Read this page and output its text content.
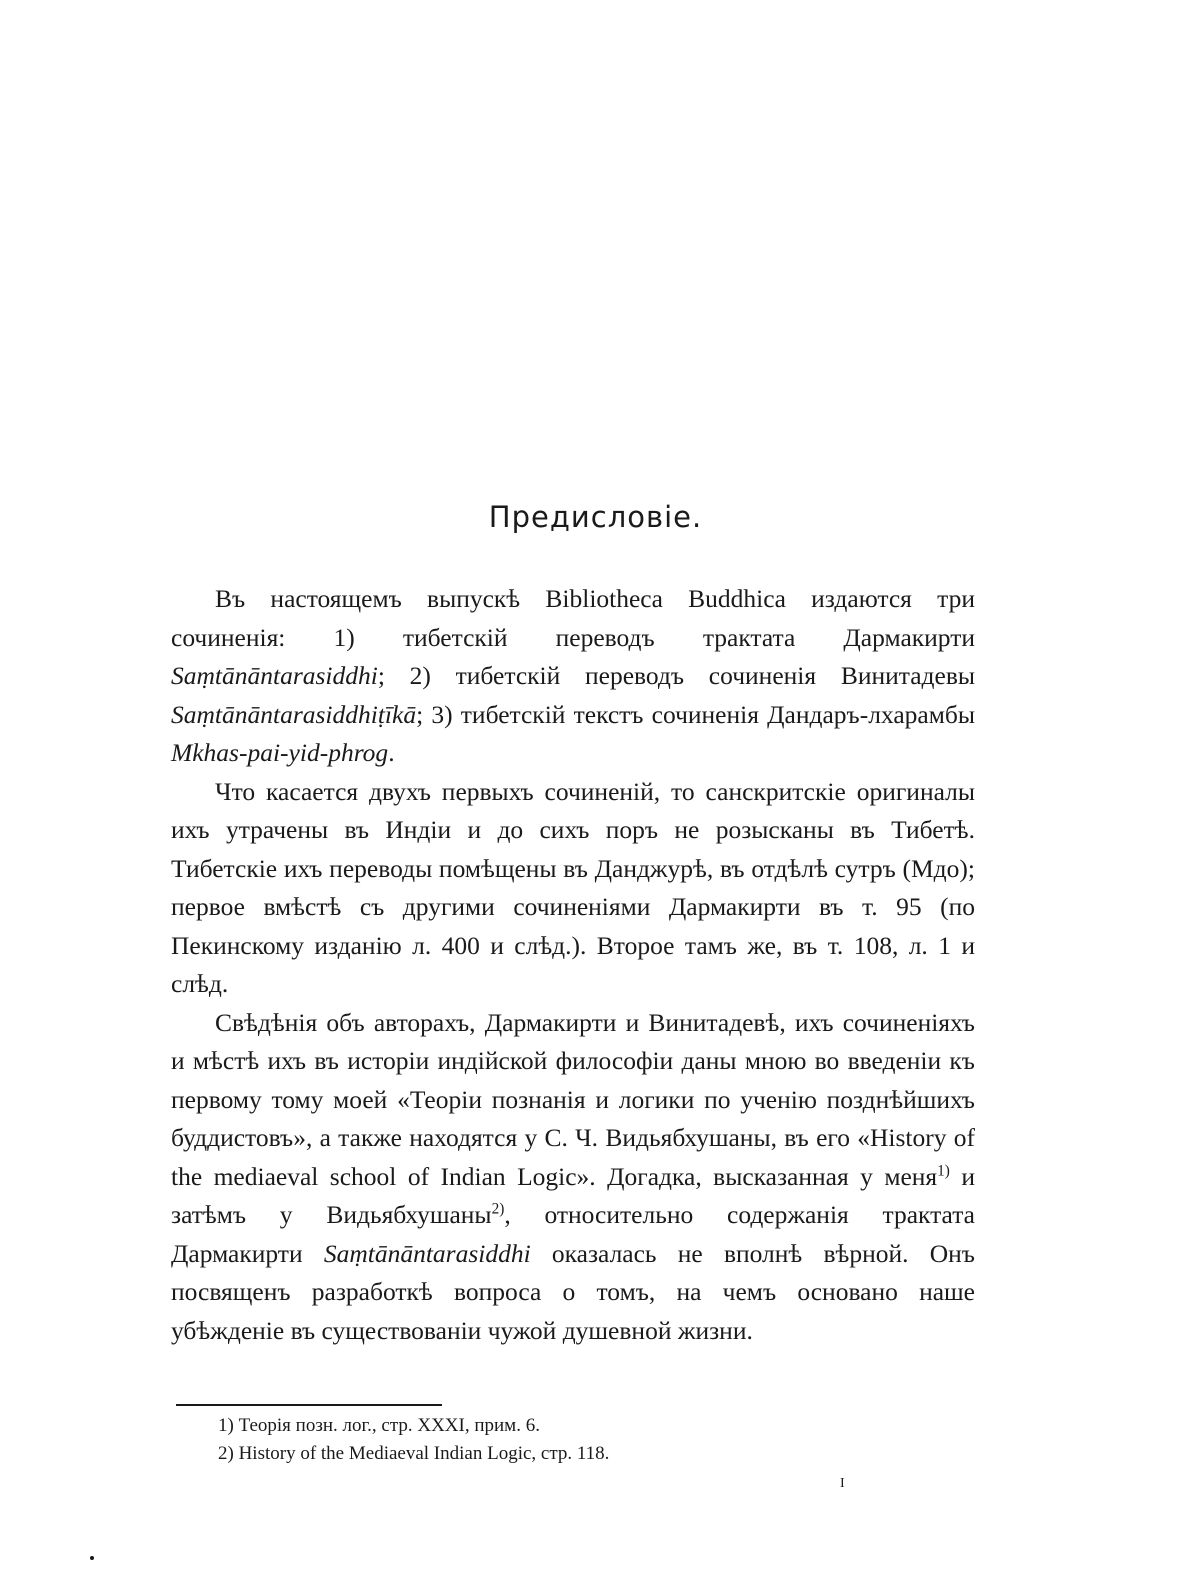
Предисловіе.

Въ настоящемъ выпускѣ Bibliotheca Buddhica издаются три сочиненія: 1) тибетскій переводъ трактата Дармакирти Saṃtānāntarasiddhi; 2) тибетскій переводъ сочиненія Винитадевы Saṃtānāntarasiddhiṭīkā; 3) тибетскій текстъ сочиненія Дандаръ-лхарамбы Mkhas-pai-yid-phrog.

Что касается двухъ первыхъ сочиненій, то санскритскіе оригиналы ихъ утрачены въ Индіи и до сихъ поръ не розысканы въ Тибетѣ. Тибетскіе ихъ переводы помѣщены въ Данджурѣ, въ отдѣлѣ сутръ (Мдо); первое вмѣстѣ съ другими сочиненіями Дармакирти въ т. 95 (по Пекинскому изданію л. 400 и слѣд.). Второе тамъ же, въ т. 108, л. 1 и слѣд.

Свѣдѣнія объ авторахъ, Дармакирти и Винитадевѣ, ихъ сочиненіяхъ и мѣстѣ ихъ въ исторіи индійской философіи даны мною во введеніи къ первому тому моей «Теоріи познанія и логики по ученію позднѣйшихъ буддистовъ», а также находятся у С. Ч. Видьябхушаны, въ его «History of the mediaeval school of Indian Logic». Догадка, высказанная у меня$^{1)}$ и затѣмъ у Видьябхушаны$^{2)}$, относительно содержанія трактата Дармакирти Saṃtānāntarasiddhi оказалась не вполнѣ вѣрной. Онъ посвященъ разработкѣ вопроса о томъ, на чемъ основано наше убѣжденіе въ существованіи чужой душевной жизни.

1) Теорія позн. лог., стр. XXXI, прим. 6.
2) History of the Mediaeval Indian Logic, стр. 118.
I
